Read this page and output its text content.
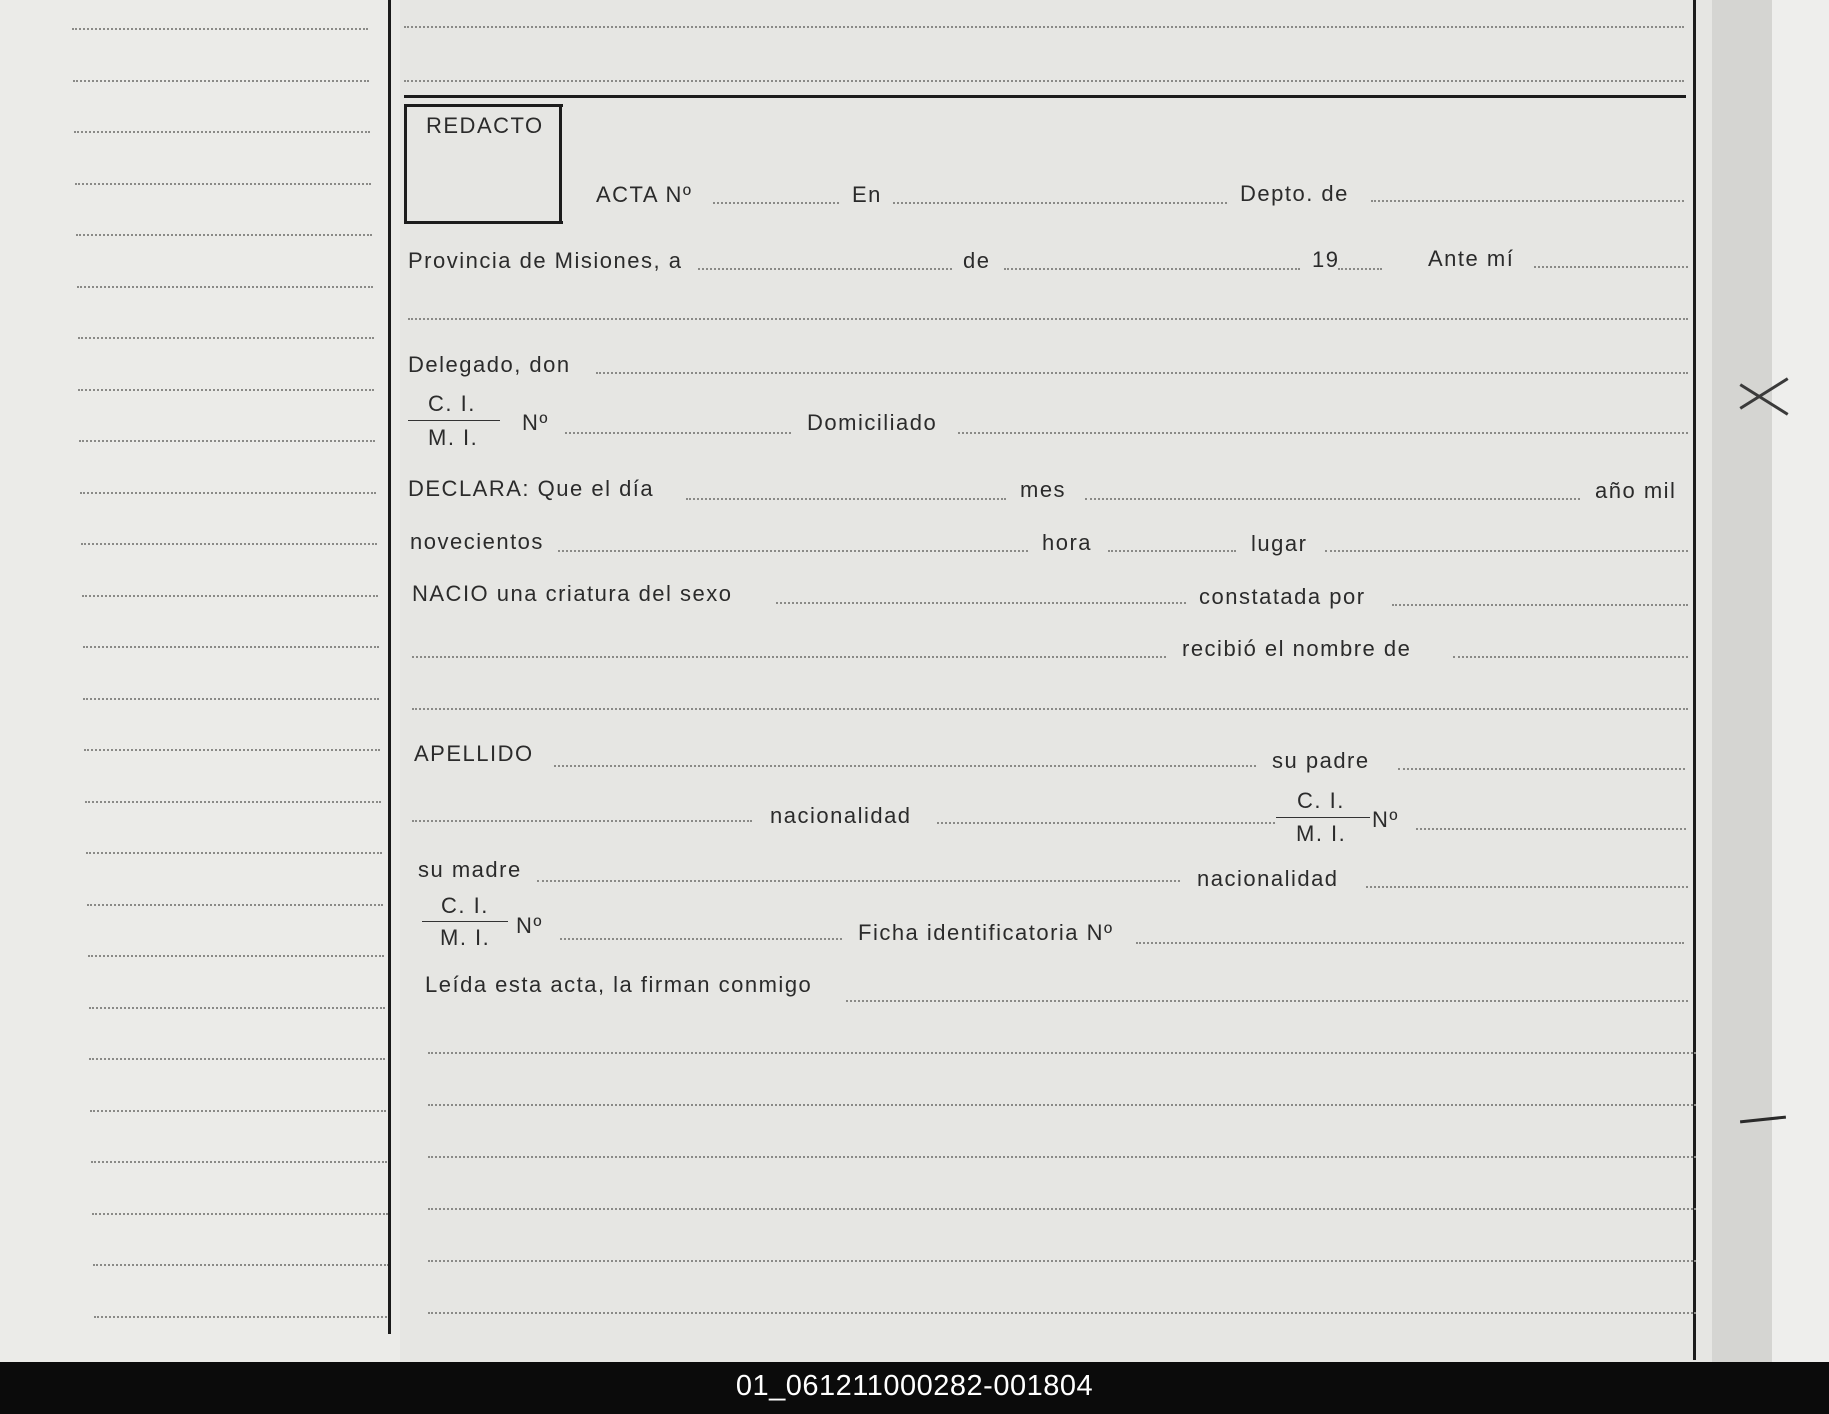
REDACTO
ACTA Nº	En	Depto. de
Provincia de Misiones, a	de	19	Ante mí
Delegado, don
C. I.
M. I.
Nº	Domiciliado
DECLARA: Que el día	mes	año mil
novecientos	hora	lugar
NACIO una criatura del sexo	constatada por
recibió el nombre de
APELLIDO	su padre
nacionalidad
C. I.
M. I.
Nº
su madre	nacionalidad
C. I.
M. I. Nº	Ficha identificatoria Nº
Leída esta acta, la firman conmigo
01_061211000282-001804
